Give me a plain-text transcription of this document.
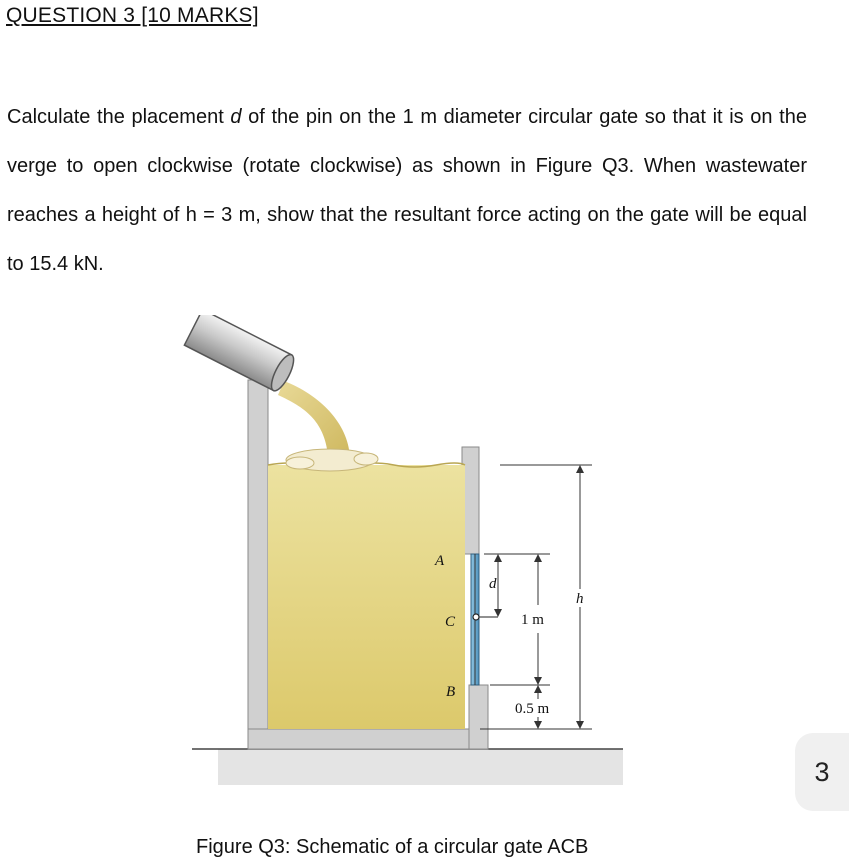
QUESTION 3 [10 MARKS]

Calculate the placement d of the pin on the 1 m diameter circular gate so that it is on the verge to open clockwise (rotate clockwise) as shown in Figure Q3. When wastewater reaches a height of h = 3 m, show that the resultant force acting on the gate will be equal to 15.4 kN.

A
C
B
h
d
1 m
0.5 m

Figure Q3: Schematic of a circular gate ACB

3
